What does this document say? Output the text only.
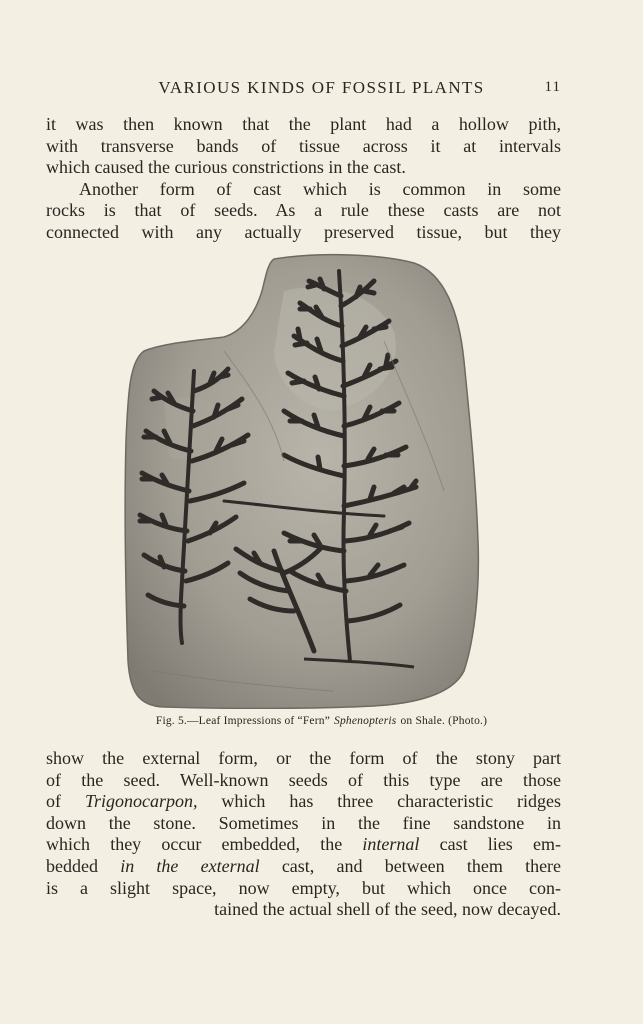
VARIOUS KINDS OF FOSSIL PLANTS	11
it was then known that the plant had a hollow pith,
with transverse bands of tissue across it at intervals
which caused the curious constrictions in the cast.
Another form of cast which is common in some
rocks is that of seeds. As a rule these casts are not
connected with any actually preserved tissue, but they
Fig. 5.—Leaf Impressions of “Fern” Sphenopteris on Shale. (Photo.)
show the external form, or the form of the stony part
of the seed. Well-known seeds of this type are those
of Trigonocarpon, which has three characteristic ridges
down the stone. Sometimes in the fine sandstone in
which they occur embedded, the internal cast lies em-
bedded in the external cast, and between them there
is a slight space, now empty, but which once con-
tained the actual shell of the seed, now decayed.
